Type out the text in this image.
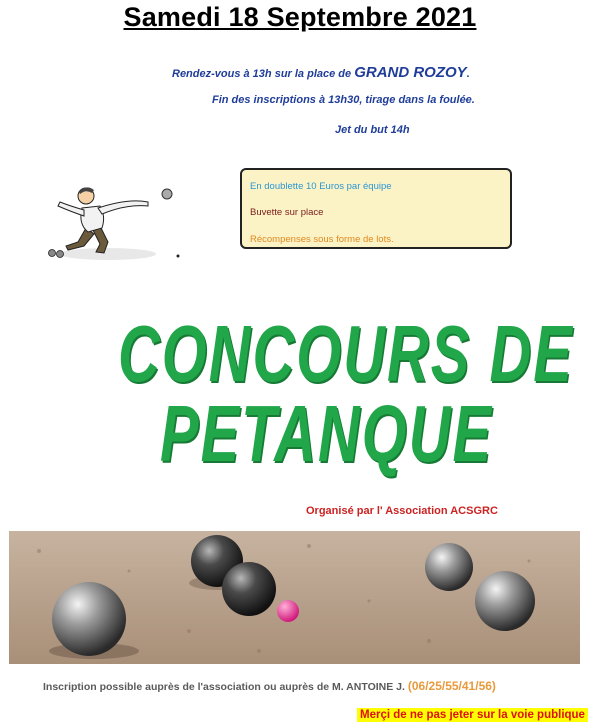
Samedi 18 Septembre 2021
Rendez-vous à 13h sur la place de GRAND ROZOY.
Fin des inscriptions à 13h30, tirage dans la foulée.
Jet du but 14h
En doublette 10 Euros par équipe
Buvette sur place
Récompenses sous forme de lots.
CONCOURS DE
PETANQUE
Organisé par l' Association ACSGRC
Inscription possible auprès de l'association ou auprès de M. ANTOINE J. (06/25/55/41/56)
Merçi de ne pas jeter sur la voie publique
